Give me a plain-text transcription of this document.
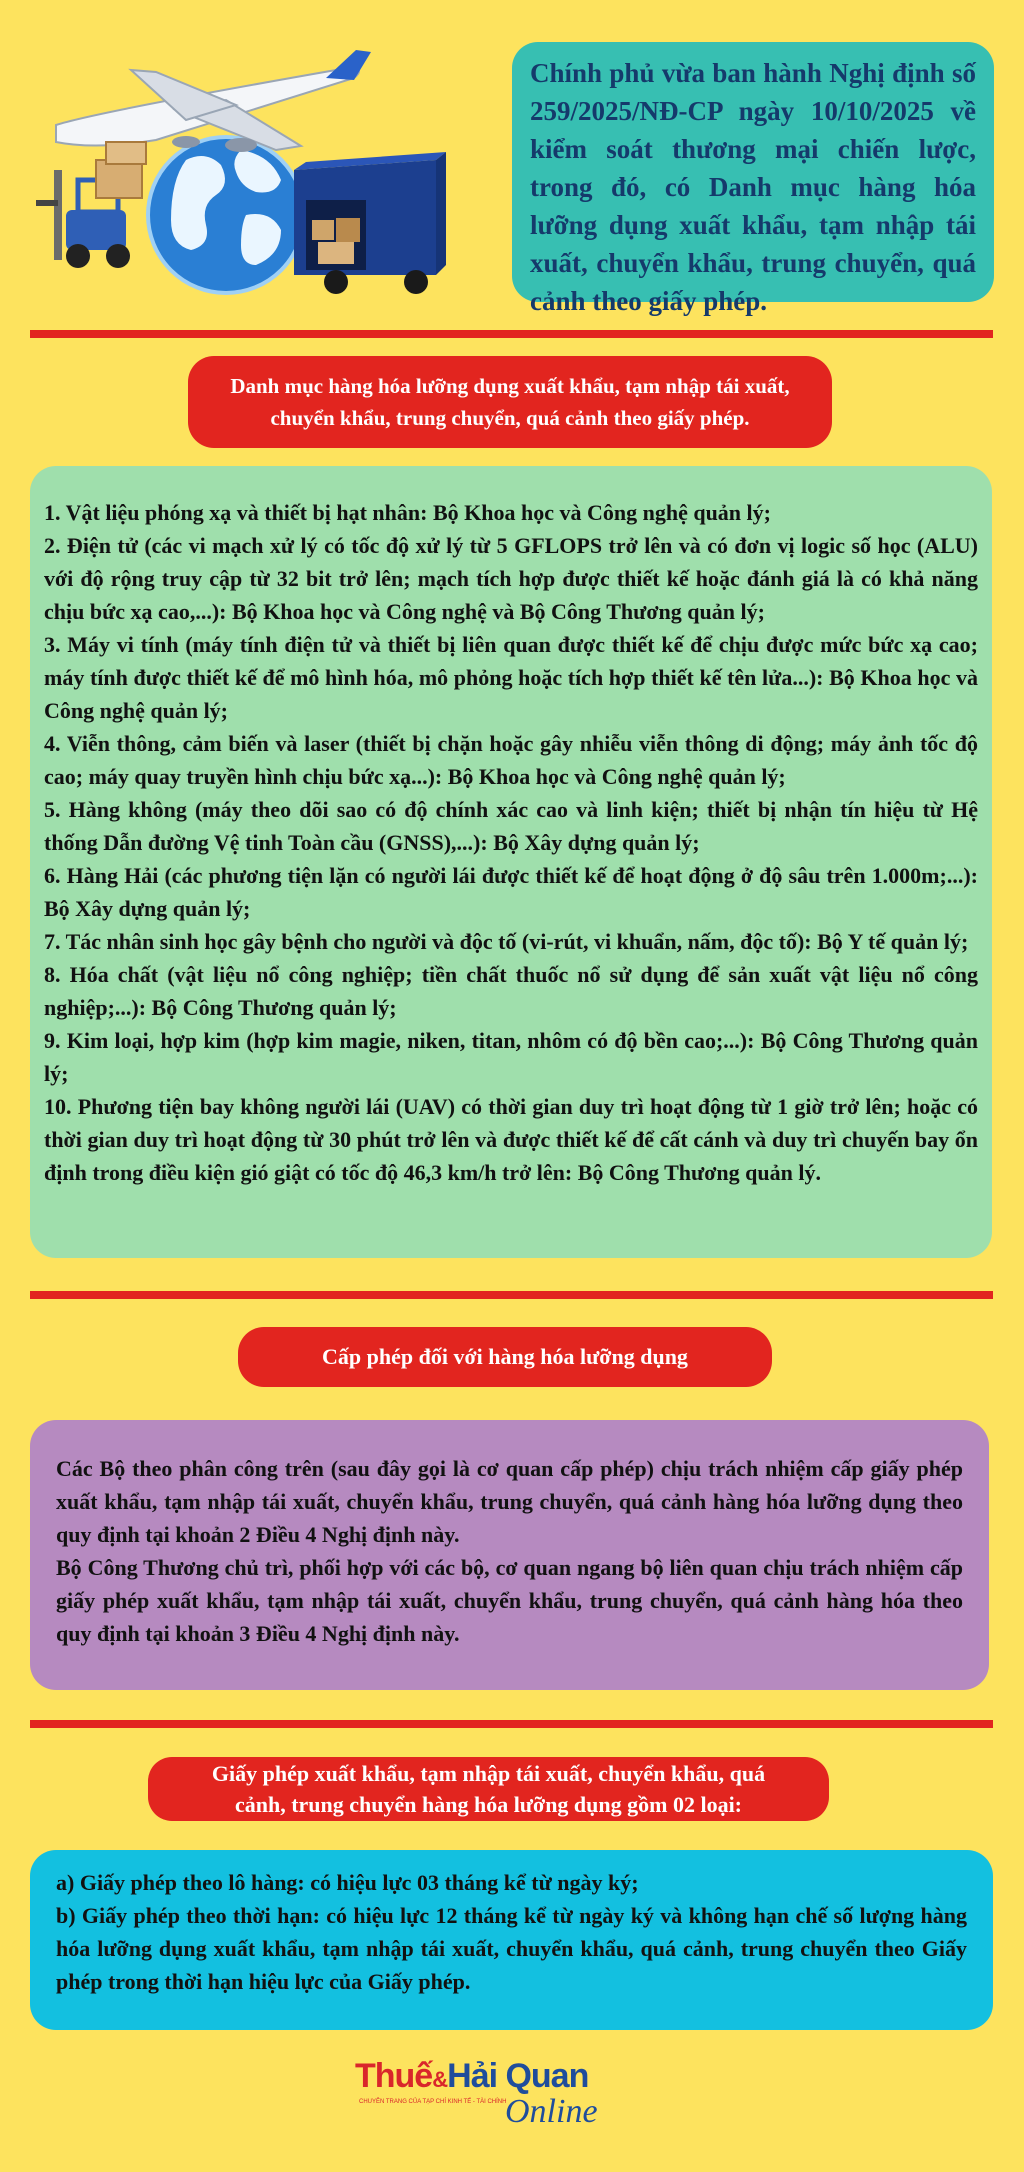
Chính phủ vừa ban hành Nghị định số 259/2025/NĐ-CP ngày 10/10/2025 về kiểm soát thương mại chiến lược, trong đó, có Danh mục hàng hóa lưỡng dụng xuất khẩu, tạm nhập tái xuất, chuyển khẩu, trung chuyển, quá cảnh theo giấy phép.

Danh mục hàng hóa lưỡng dụng xuất khẩu, tạm nhập tái xuất,
chuyển khẩu, trung chuyển, quá cảnh theo giấy phép.

1. Vật liệu phóng xạ và thiết bị hạt nhân: Bộ Khoa học và Công nghệ quản lý;

2. Điện tử (các vi mạch xử lý có tốc độ xử lý từ 5 GFLOPS trở lên và có đơn vị logic số học (ALU) với độ rộng truy cập từ 32 bit trở lên; mạch tích hợp được thiết kế hoặc đánh giá là có khả năng chịu bức xạ cao,...): Bộ Khoa học và Công nghệ và Bộ Công Thương quản lý;

3. Máy vi tính (máy tính điện tử và thiết bị liên quan được thiết kế để chịu được mức bức xạ cao; máy tính được thiết kế để mô hình hóa, mô phỏng hoặc tích hợp thiết kế tên lửa...): Bộ Khoa học và Công nghệ quản lý;

4. Viễn thông, cảm biến và laser (thiết bị chặn hoặc gây nhiễu viễn thông di động; máy ảnh tốc độ cao; máy quay truyền hình chịu bức xạ...): Bộ Khoa học và Công nghệ quản lý;

5. Hàng không (máy theo dõi sao có độ chính xác cao và linh kiện; thiết bị nhận tín hiệu từ Hệ thống Dẫn đường Vệ tinh Toàn cầu (GNSS),...): Bộ Xây dựng quản lý;

6. Hàng Hải (các phương tiện lặn có người lái được thiết kế để hoạt động ở độ sâu trên 1.000m;...): Bộ Xây dựng quản lý;

7. Tác nhân sinh học gây bệnh cho người và độc tố (vi-rút, vi khuẩn, nấm, độc tố): Bộ Y tế quản lý;

8. Hóa chất (vật liệu nổ công nghiệp; tiền chất thuốc nổ sử dụng để sản xuất vật liệu nổ công nghiệp;...): Bộ Công Thương quản lý;

9. Kim loại, hợp kim (hợp kim magie, niken, titan, nhôm có độ bền cao;...): Bộ Công Thương quản lý;

10. Phương tiện bay không người lái (UAV) có thời gian duy trì hoạt động từ 1 giờ trở lên; hoặc có thời gian duy trì hoạt động từ 30 phút trở lên và được thiết kế để cất cánh và duy trì chuyến bay ổn định trong điều kiện gió giật có tốc độ 46,3 km/h trở lên: Bộ Công Thương quản lý.

Cấp phép đối với hàng hóa lưỡng dụng

Các Bộ theo phân công trên (sau đây gọi là cơ quan cấp phép) chịu trách nhiệm cấp giấy phép xuất khẩu, tạm nhập tái xuất, chuyển khẩu, trung chuyển, quá cảnh hàng hóa lưỡng dụng theo quy định tại khoản 2 Điều 4 Nghị định này.

Bộ Công Thương chủ trì, phối hợp với các bộ, cơ quan ngang bộ liên quan chịu trách nhiệm cấp giấy phép xuất khẩu, tạm nhập tái xuất, chuyển khẩu, trung chuyển, quá cảnh hàng hóa theo quy định tại khoản 3 Điều 4 Nghị định này.

Giấy phép xuất khẩu, tạm nhập tái xuất, chuyển khẩu, quá
cảnh, trung chuyển hàng hóa lưỡng dụng gồm 02 loại:

a) Giấy phép theo lô hàng: có hiệu lực 03 tháng kể từ ngày ký;

b) Giấy phép theo thời hạn: có hiệu lực 12 tháng kể từ ngày ký và không hạn chế số lượng hàng hóa lưỡng dụng xuất khẩu, tạm nhập tái xuất, chuyển khẩu, quá cảnh, trung chuyển theo Giấy phép trong thời hạn hiệu lực của Giấy phép.

Thuế&Hải Quan
CHUYÊN TRANG CỦA TẠP CHÍ KINH TẾ - TÀI CHÍNH
Online
